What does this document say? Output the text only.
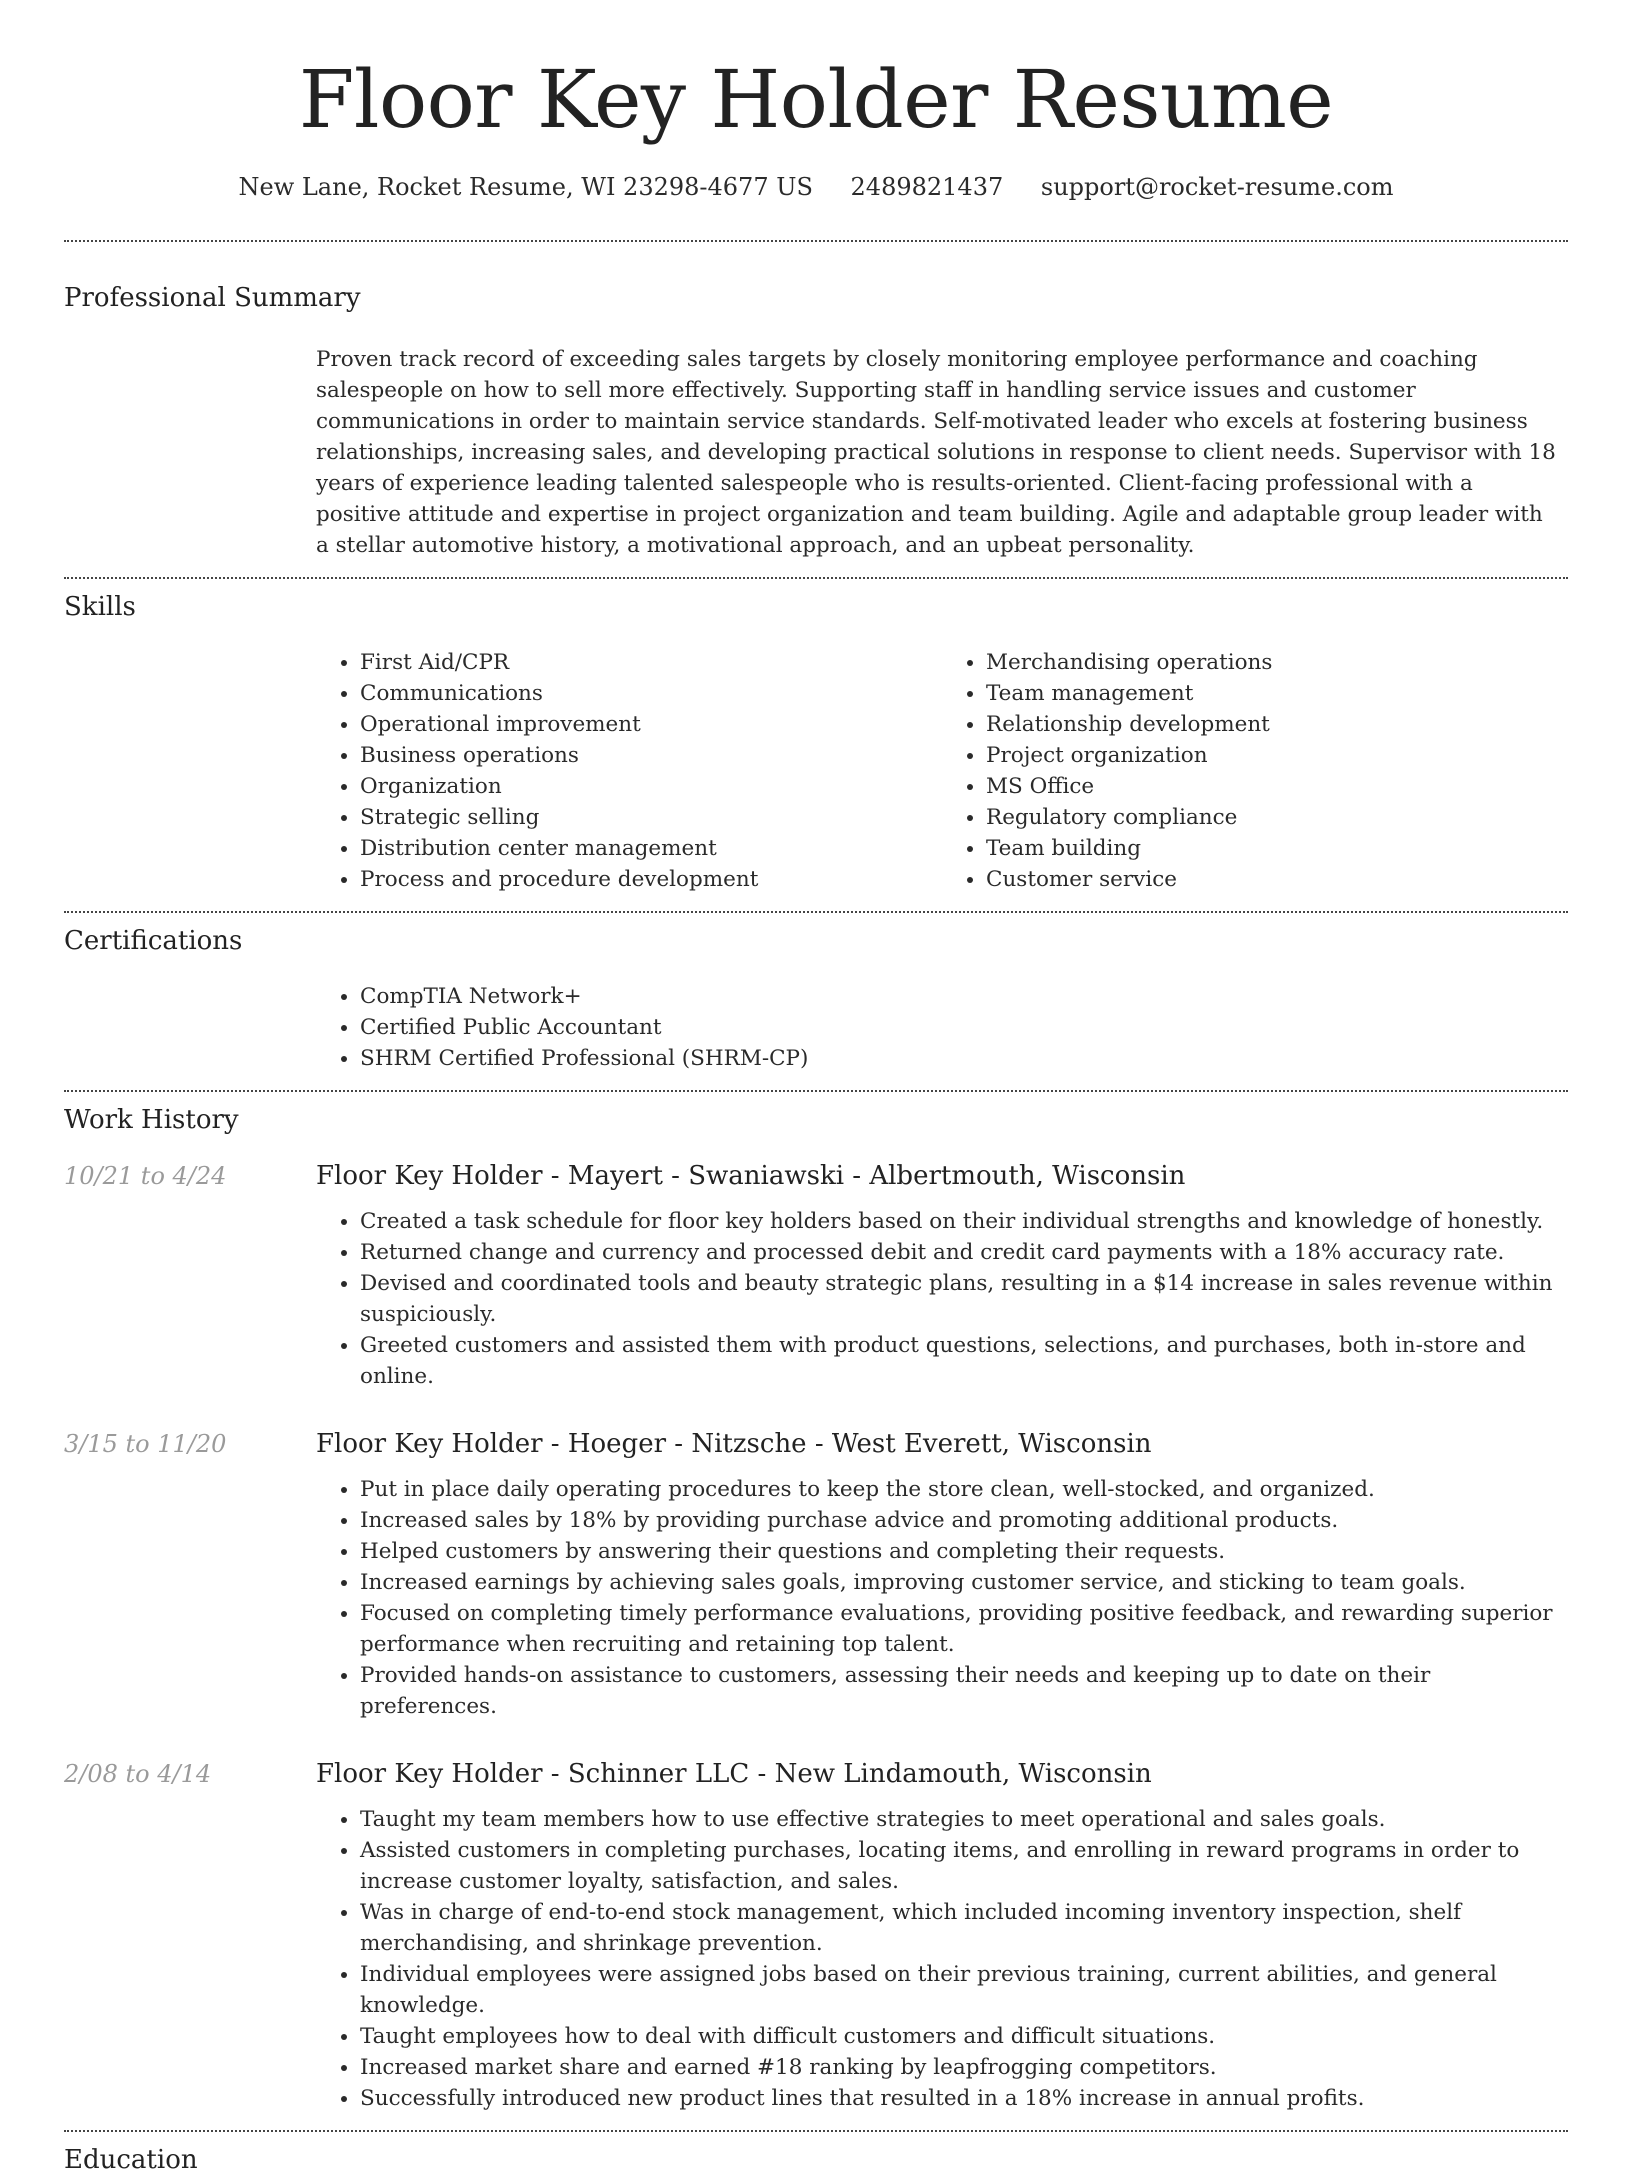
Floor Key Holder Resume
New Lane, Rocket Resume, WI 23298-4677 US 2489821437 support@rocket-resume.com
Professional Summary
Proven track record of exceeding sales targets by closely monitoring employee performance and coaching salespeople on how to sell more effectively. Supporting staff in handling service issues and customer communications in order to maintain service standards. Self-motivated leader who excels at fostering business relationships, increasing sales, and developing practical solutions in response to client needs. Supervisor with 18 years of experience leading talented salespeople who is results-oriented. Client-facing professional with a positive attitude and expertise in project organization and team building. Agile and adaptable group leader with a stellar automotive history, a motivational approach, and an upbeat personality.
Skills
• First Aid/CPR
• Communications
• Operational improvement
• Business operations
• Organization
• Strategic selling
• Distribution center management
• Process and procedure development
• Merchandising operations
• Team management
• Relationship development
• Project organization
• MS Office
• Regulatory compliance
• Team building
• Customer service
Certifications
• CompTIA Network+
• Certified Public Accountant
• SHRM Certified Professional (SHRM-CP)
Work History
10/21 to 4/24	Floor Key Holder - Mayert - Swaniawski - Albertmouth, Wisconsin
• Created a task schedule for floor key holders based on their individual strengths and knowledge of honestly.
• Returned change and currency and processed debit and credit card payments with a 18% accuracy rate.
• Devised and coordinated tools and beauty strategic plans, resulting in a $14 increase in sales revenue within suspiciously.
• Greeted customers and assisted them with product questions, selections, and purchases, both in-store and online.
3/15 to 11/20	Floor Key Holder - Hoeger - Nitzsche - West Everett, Wisconsin
• Put in place daily operating procedures to keep the store clean, well-stocked, and organized.
• Increased sales by 18% by providing purchase advice and promoting additional products.
• Helped customers by answering their questions and completing their requests.
• Increased earnings by achieving sales goals, improving customer service, and sticking to team goals.
• Focused on completing timely performance evaluations, providing positive feedback, and rewarding superior performance when recruiting and retaining top talent.
• Provided hands-on assistance to customers, assessing their needs and keeping up to date on their preferences.
2/08 to 4/14	Floor Key Holder - Schinner LLC - New Lindamouth, Wisconsin
• Taught my team members how to use effective strategies to meet operational and sales goals.
• Assisted customers in completing purchases, locating items, and enrolling in reward programs in order to increase customer loyalty, satisfaction, and sales.
• Was in charge of end-to-end stock management, which included incoming inventory inspection, shelf merchandising, and shrinkage prevention.
• Individual employees were assigned jobs based on their previous training, current abilities, and general knowledge.
• Taught employees how to deal with difficult customers and difficult situations.
• Increased market share and earned #18 ranking by leapfrogging competitors.
• Successfully introduced new product lines that resulted in a 18% increase in annual profits.
Education
